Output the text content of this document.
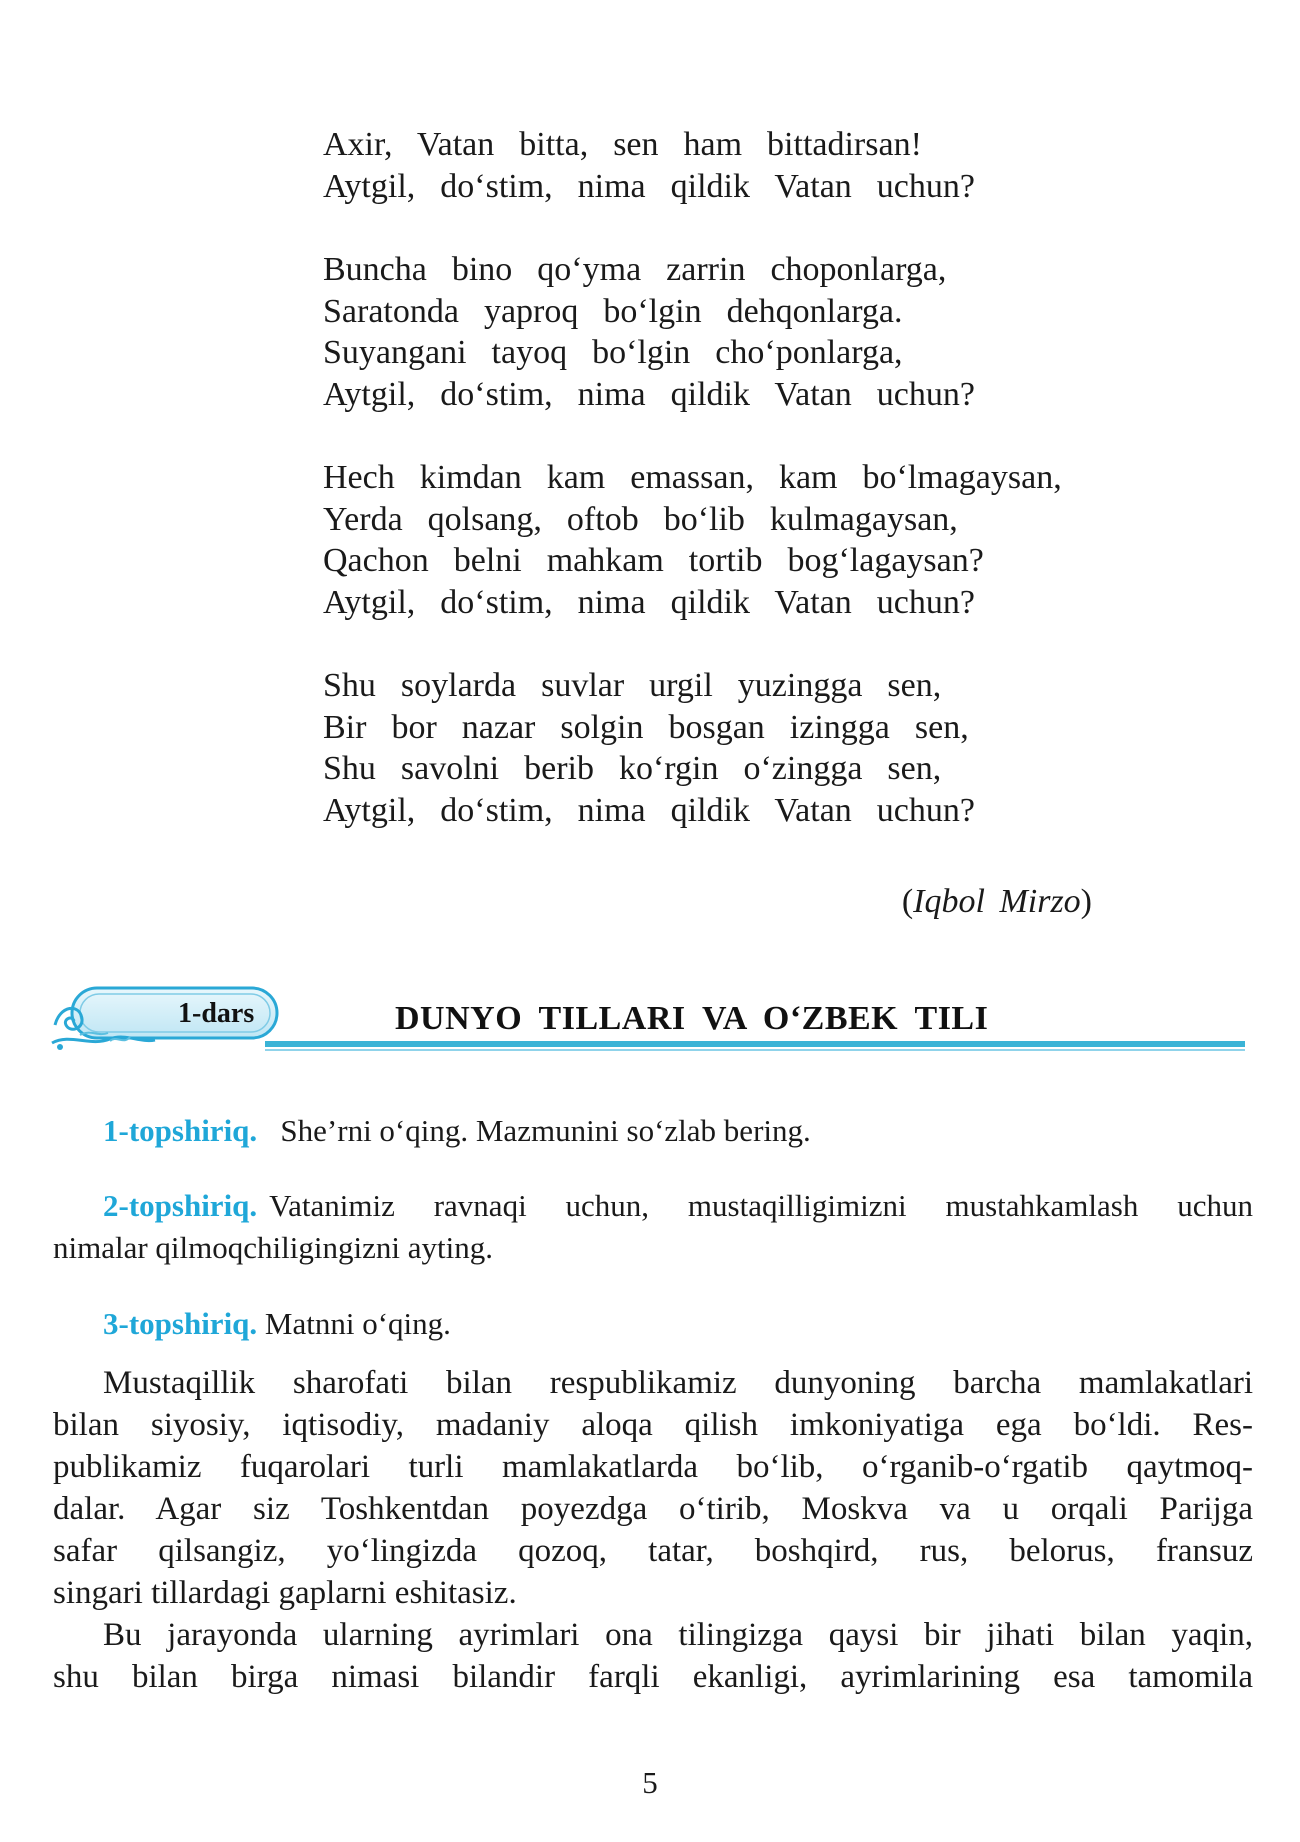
Axir,  Vatan  bitta,  sen  ham  bittadirsan!
Aytgil,  do‘stim,  nima  qildik  Vatan  uchun?
Buncha  bino  qo‘yma  zarrin  choponlarga,
Saratonda  yaproq  bo‘lgin  dehqonlarga.
Suyangani  tayoq  bo‘lgin  cho‘ponlarga,
Aytgil,  do‘stim,  nima  qildik  Vatan  uchun?
Hech  kimdan  kam  emassan,  kam  bo‘lmagaysan,
Yerda  qolsang,  oftob  bo‘lib  kulmagaysan,
Qachon  belni  mahkam  tortib  bog‘lagaysan?
Aytgil,  do‘stim,  nima  qildik  Vatan  uchun?
Shu  soylarda  suvlar  urgil  yuzingga  sen,
Bir  bor  nazar  solgin  bosgan  izingga  sen,
Shu  savolni  berib  ko‘rgin  o‘zingga  sen,
Aytgil,  do‘stim,  nima  qildik  Vatan  uchun?
(Iqbol Mirzo)
1-dars	DUNYO TILLARI VA O‘ZBEK TILI
1-topshiriq. She’rni o‘qing. Mazmunini so‘zlab bering.
2-topshiriq. Vatanimiz ravnaqi uchun, mustaqilligimizni mustahkamlash uchun
nimalar qilmoqchiligingizni ayting.
3-topshiriq. Matnni o‘qing.
Mustaqillik sharofati bilan respublikamiz dunyoning barcha mamlakatlari
bilan siyosiy, iqtisodiy, madaniy aloqa qilish imkoniyatiga ega bo‘ldi. Res-
publikamiz fuqarolari turli mamlakatlarda bo‘lib, o‘rganib-o‘rgatib qaytmoq-
dalar. Agar siz Toshkentdan poyezdga o‘tirib, Moskva va u orqali Parijga
safar qilsangiz, yo‘lingizda qozoq, tatar, boshqird, rus, belorus, fransuz
singari tillardagi gaplarni eshitasiz.
Bu jarayonda ularning ayrimlari ona tilingizga qaysi bir jihati bilan yaqin,
shu bilan birga nimasi bilandir farqli ekanligi, ayrimlarining esa tamomila
5
